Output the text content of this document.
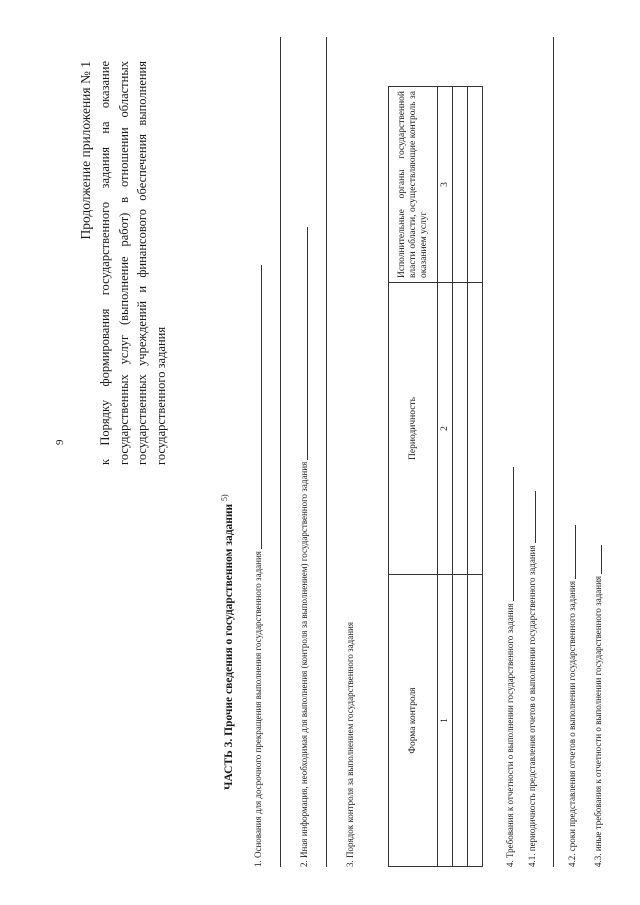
9
Продолжение приложения № 1 к Порядку формирования государственного задания на оказание государственных услуг (выполнение работ) в отношении областных государственных учреждений и финансового обеспечения выполнения государственного задания
ЧАСТЬ 3. Прочие сведения о государственном задании $^{5)}$
1. Основания для досрочного прекращения выполнения государственного задания	2. Иная информация, необходимая для выполнения (контроля за выполнением) государственного задания	3. Порядок контроля за выполнением государственного задания	Форма контроля	Периодичность	Исполнительные органы государственной власти области, осуществляющие контроль за оказанием услуг
1	2	3

4. Требования к отчетности о выполнении государственного задания 4.1. периодичность представления отчетов о выполнении государственного задания	4.2. сроки представления отчетов о выполнении государственного задания 4.3. иные требования к отчетности о выполнении государственного задания
